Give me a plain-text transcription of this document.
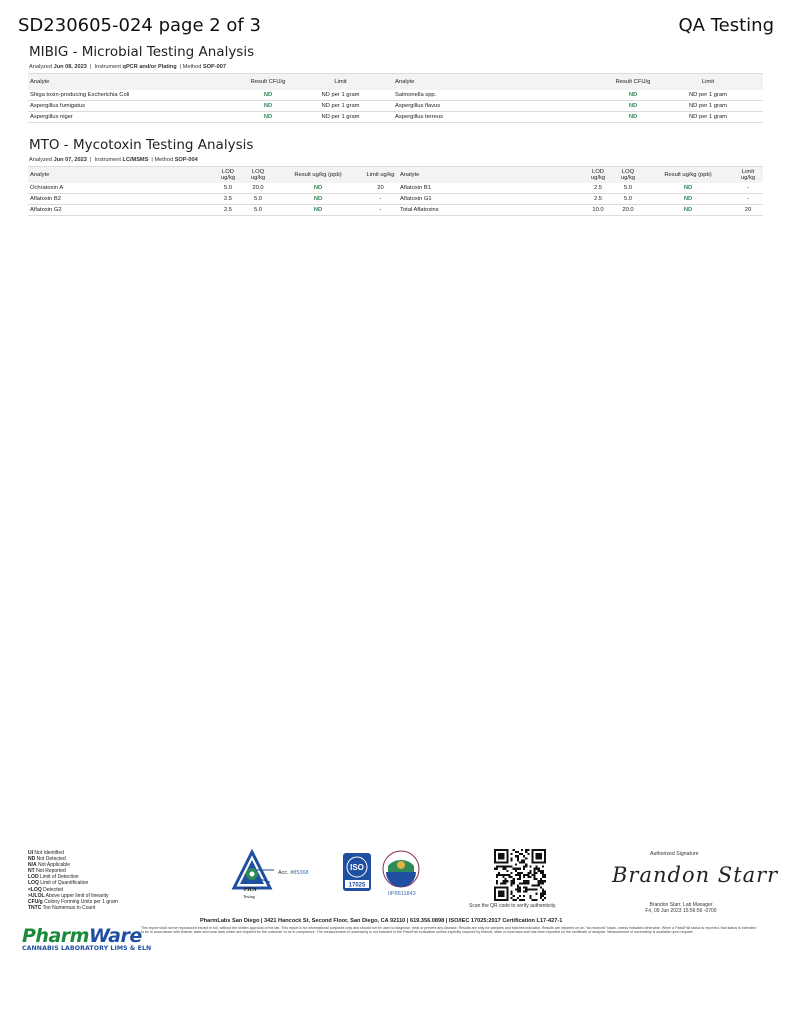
SD230605-024 page 2 of 3	QA Testing
MIBIG - Microbial Testing Analysis
Analyzed Jun 08, 2023  |  Instrument qPCR and/or Plating  | Method SOP-007
Analyte	Result CFU/g	Limit	Analyte	Result CFU/g	Limit
Shiga toxin-producing Escherichia Coli	ND	ND per 1 gram	Salmonella spp.	ND	ND per 1 gram
Aspergillus fumigatus	ND	ND per 1 gram	Aspergillus flavus	ND	ND per 1 gram
Aspergillus niger	ND	ND per 1 gram	Aspergillus terreus	ND	ND per 1 gram
MTO - Mycotoxin Testing Analysis
Analyzed Jun 07, 2023  |  Instrument LC/MSMS  | Method SOP-004
Analyte	LOD ug/kg	LOQ ug/kg	Result ug/kg (ppb)	Limit ug/kg	Analyte	LOD ug/kg	LOQ ug/kg	Result ug/kg (ppb)	Limit ug/kg
Ochratoxin A	5.0	20.0	ND	20	Aflatoxin B1	2.5	5.0	ND	-
Aflatoxin B2	2.5	5.0	ND	-	Aflatoxin G1	2.5	5.0	ND	-
Aflatoxin G2	2.5	5.0	ND	-	Total Aflatoxins	10.0	20.0	ND	20
UI Not Identified
ND Not Detected
N/A Not Applicable
NT Not Reported
LOD Limit of Detection
LOQ Limit of Quantification
<LOQ Detected
>ULOL Above upper limit of linearity
CFU/g Colony Forming Units per 1 gram
TNTC Too Numerous to Count
Acc. #85368
PJLA
Testing
ISO
17025
IIP8611843
Scan the QR code to verify authenticity.
Authorized Signature
Brandon Starr
Brandon Starr, Lab Manager
Fri, 09 Jun 2023 15:56:56 -0700
PharmLabs San Diego | 3421 Hancock St, Second Floor, San Diego, CA 92110 | 619.356.0898 | ISO/IEC 17025:2017 Certification L17-427-1
This report shall not be reproduced except in full, without the written approval of the lab. This report is for informational purposes only and should not be used to diagnose, treat or prevent any disease. Results are only for samples and batches indicated. Results are reported on an "as received" basis, unless indicated otherwise. When a Pass/Fail status is reported, that status is intended to be in accordance with federal, state and local laws which are required for the customer to be in compliance. The measurement of uncertainty is not included in the Pass/Fail evaluation unless explicitly required by federal, state or local laws and has been reported on the certificate of analysis. Measurement of uncertainty is available upon request.
PharmWare
CANNABIS LABORATORY LIMS & ELN
